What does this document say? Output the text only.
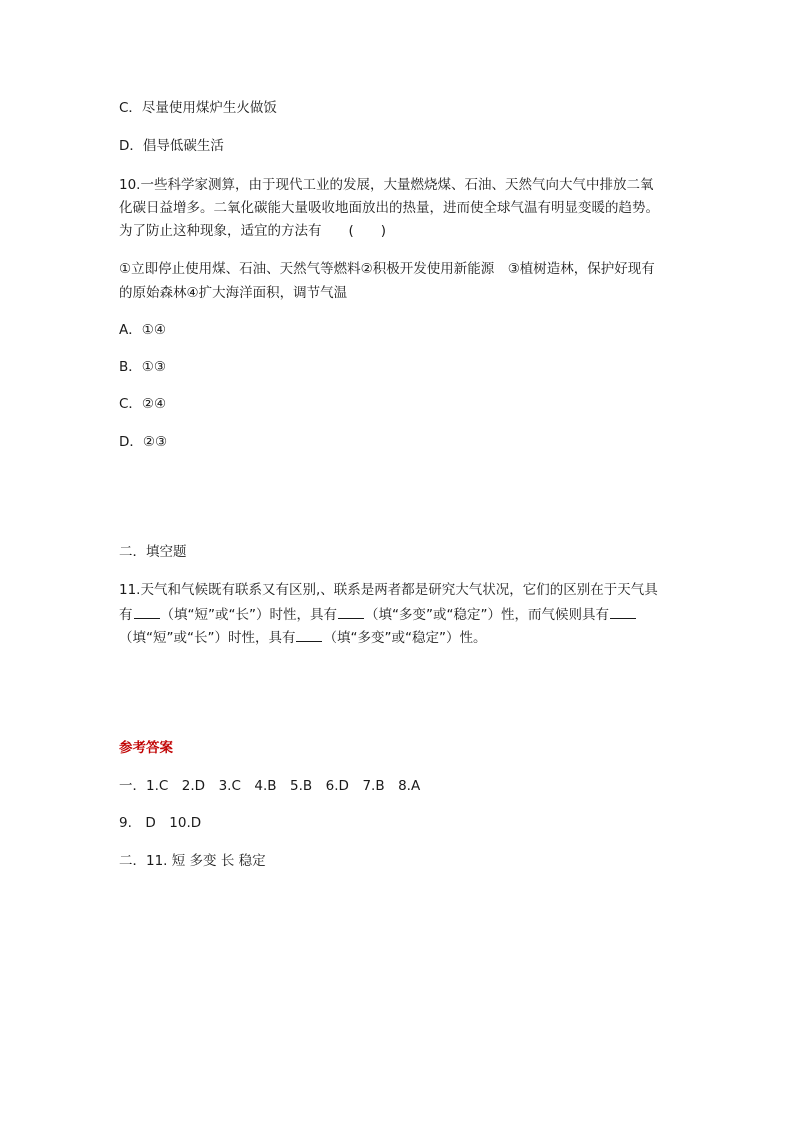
C．尽量使用煤炉生火做饭
D．倡导低碳生活
10.一些科学家测算，由于现代工业的发展，大量燃烧煤、石油、天然气向大气中排放二氧
化碳日益增多。二氧化碳能大量吸收地面放出的热量，进而使全球气温有明显变暖的趋势。
为了防止这种现象，适宜的方法有　　(　　)
①立即停止使用煤、石油、天然气等燃料②积极开发使用新能源　③植树造林，保护好现有
的原始森林④扩大海洋面积，调节气温
A．①④
B．①③
C．②④
D．②③
二．填空题
11.天气和气候既有联系又有区别,、联系是两者都是研究大气状况，它们的区别在于天气具
有 （填“短”或“长”）时性，具有 （填“多变”或“稳定”）性，而气候则具有
（填“短”或“长”）时性，具有 （填“多变”或“稳定”）性。
参考答案
一．1.C　2.D　3.C　4.B　5.B　6.D　7.B　8.A
9.　D　10.D
二．11. 短 多变 长 稳定
